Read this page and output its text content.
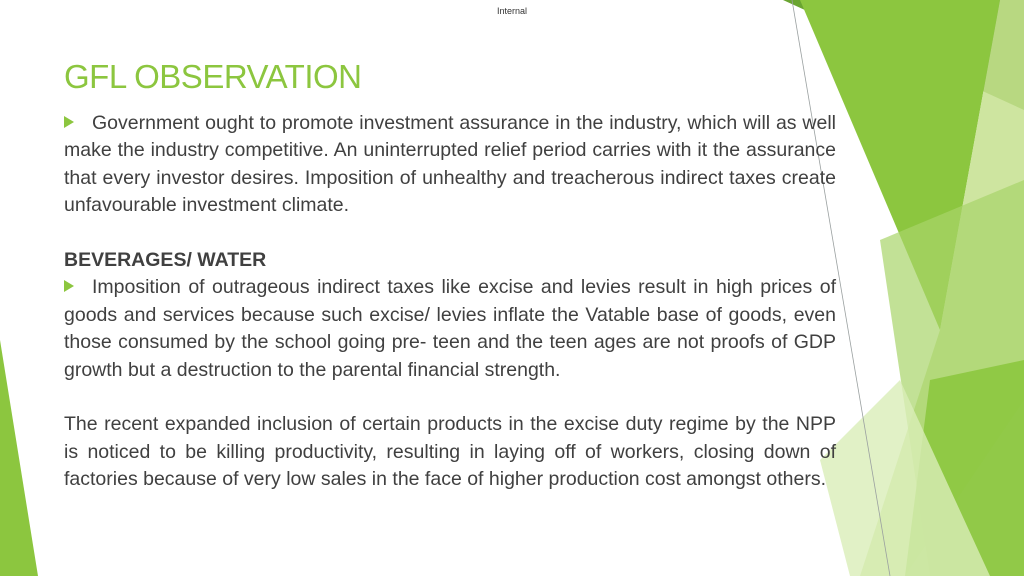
Internal
GFL OBSERVATION

Government ought to promote investment assurance in the industry, which will as well make the industry competitive. An uninterrupted relief period carries with it the assurance that every investor desires. Imposition of unhealthy and treacherous indirect taxes create unfavourable investment climate.

BEVERAGES/ WATER

Imposition of outrageous indirect taxes like excise and levies result in high prices of goods and services because such excise/ levies inflate the Vatable base of goods, even those consumed by the school going pre- teen and the teen ages are not proofs of GDP growth but a destruction to the parental financial strength.

The recent expanded inclusion of certain products in the excise duty regime by the NPP is noticed to be killing productivity, resulting in laying off of workers, closing down of factories because of very low sales in the face of higher production cost amongst others.
